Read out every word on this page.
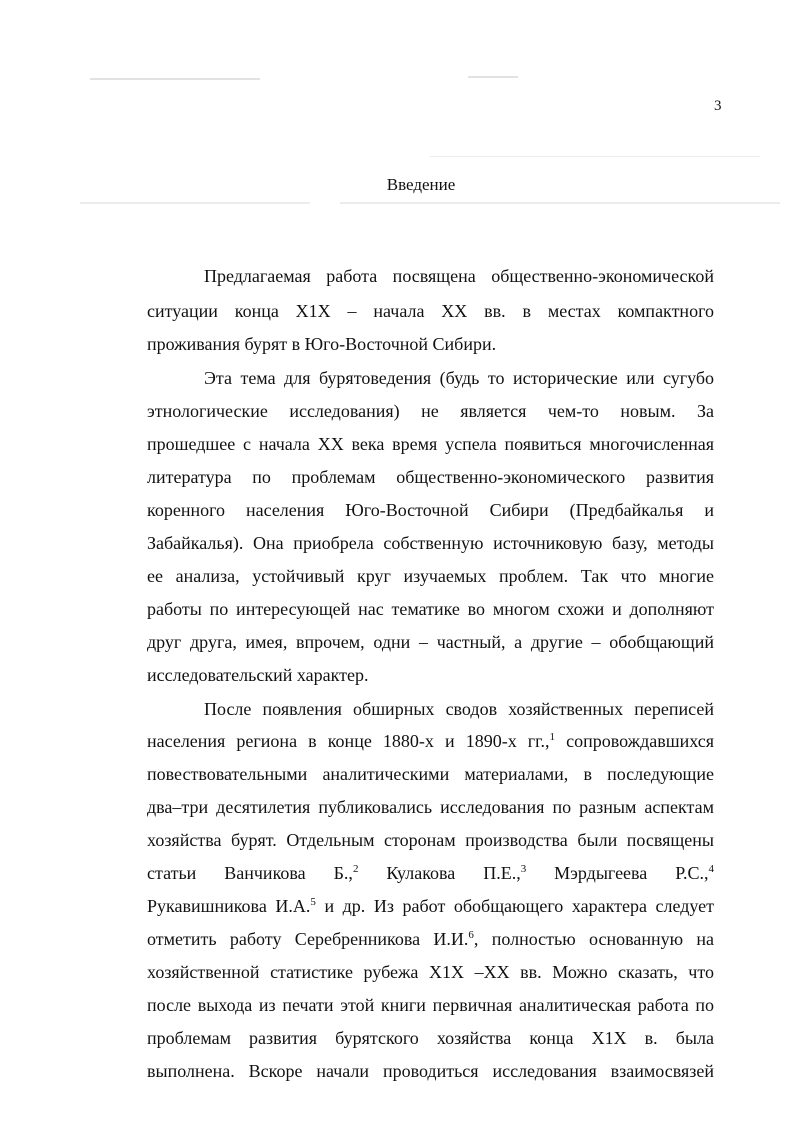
3
Введение
Предлагаемая работа посвящена общественно-экономической
ситуации конца Х1Х – начала XX вв. в местах компактного
проживания бурят в Юго-Восточной Сибири.
Эта тема для бурятоведения (будь то исторические или сугубо
этнологические исследования) не является чем-то новым. За
прошедшее с начала XX века время успела появиться многочисленная
литература по проблемам общественно-экономического развития
коренного населения Юго-Восточной Сибири (Предбайкалья и
Забайкалья). Она приобрела собственную источниковую базу, методы
ее анализа, устойчивый круг изучаемых проблем. Так что многие
работы по интересующей нас тематике во многом схожи и дополняют
друг друга, имея, впрочем, одни – частный, а другие – обобщающий
исследовательский характер.
После появления обширных сводов хозяйственных переписей
населения региона в конце 1880-х и 1890-х гг.,$^1$ сопровождавшихся
повествовательными аналитическими материалами, в последующие
два–три десятилетия публиковались исследования по разным аспектам
хозяйства бурят. Отдельным сторонам производства были посвящены
статьи Ванчикова Б.,$^2$ Кулакова П.Е.,$^3$ Мэрдыгеева Р.С.,$^4$
Рукавишникова И.А.$^5$ и др. Из работ обобщающего характера следует
отметить работу Серебренникова И.И.$^6$, полностью основанную на
хозяйственной статистике рубежа Х1Х –XX вв. Можно сказать, что
после выхода из печати этой книги первичная аналитическая работа по
проблемам развития бурятского хозяйства конца Х1Х в. была
выполнена. Вскоре начали проводиться исследования взаимосвязей
